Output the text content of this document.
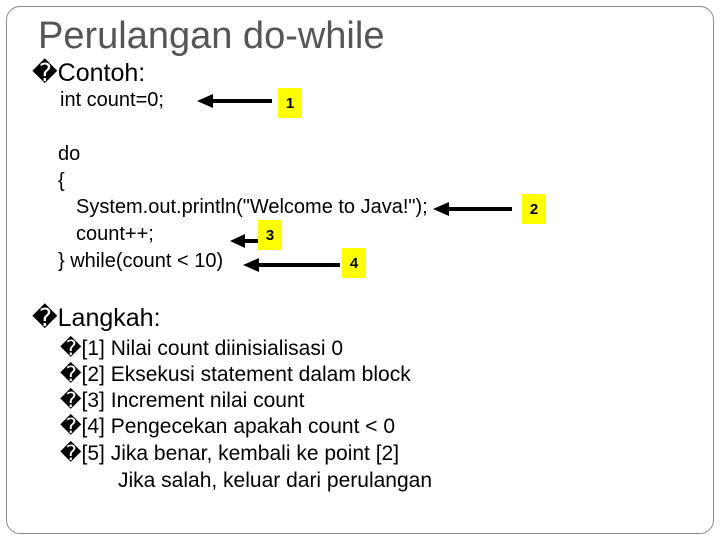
Perulangan do-while
�Contoh:
int count=0;
do
{
System.out.println("Welcome to Java!");
count++;
} while(count < 10)
1
2
3
4
�Langkah:
�[1] Nilai count diinisialisasi 0
�[2] Eksekusi statement dalam block
�[3] Increment nilai count
�[4] Pengecekan apakah count < 0
�[5] Jika benar, kembali ke point [2]
Jika salah, keluar dari perulangan
